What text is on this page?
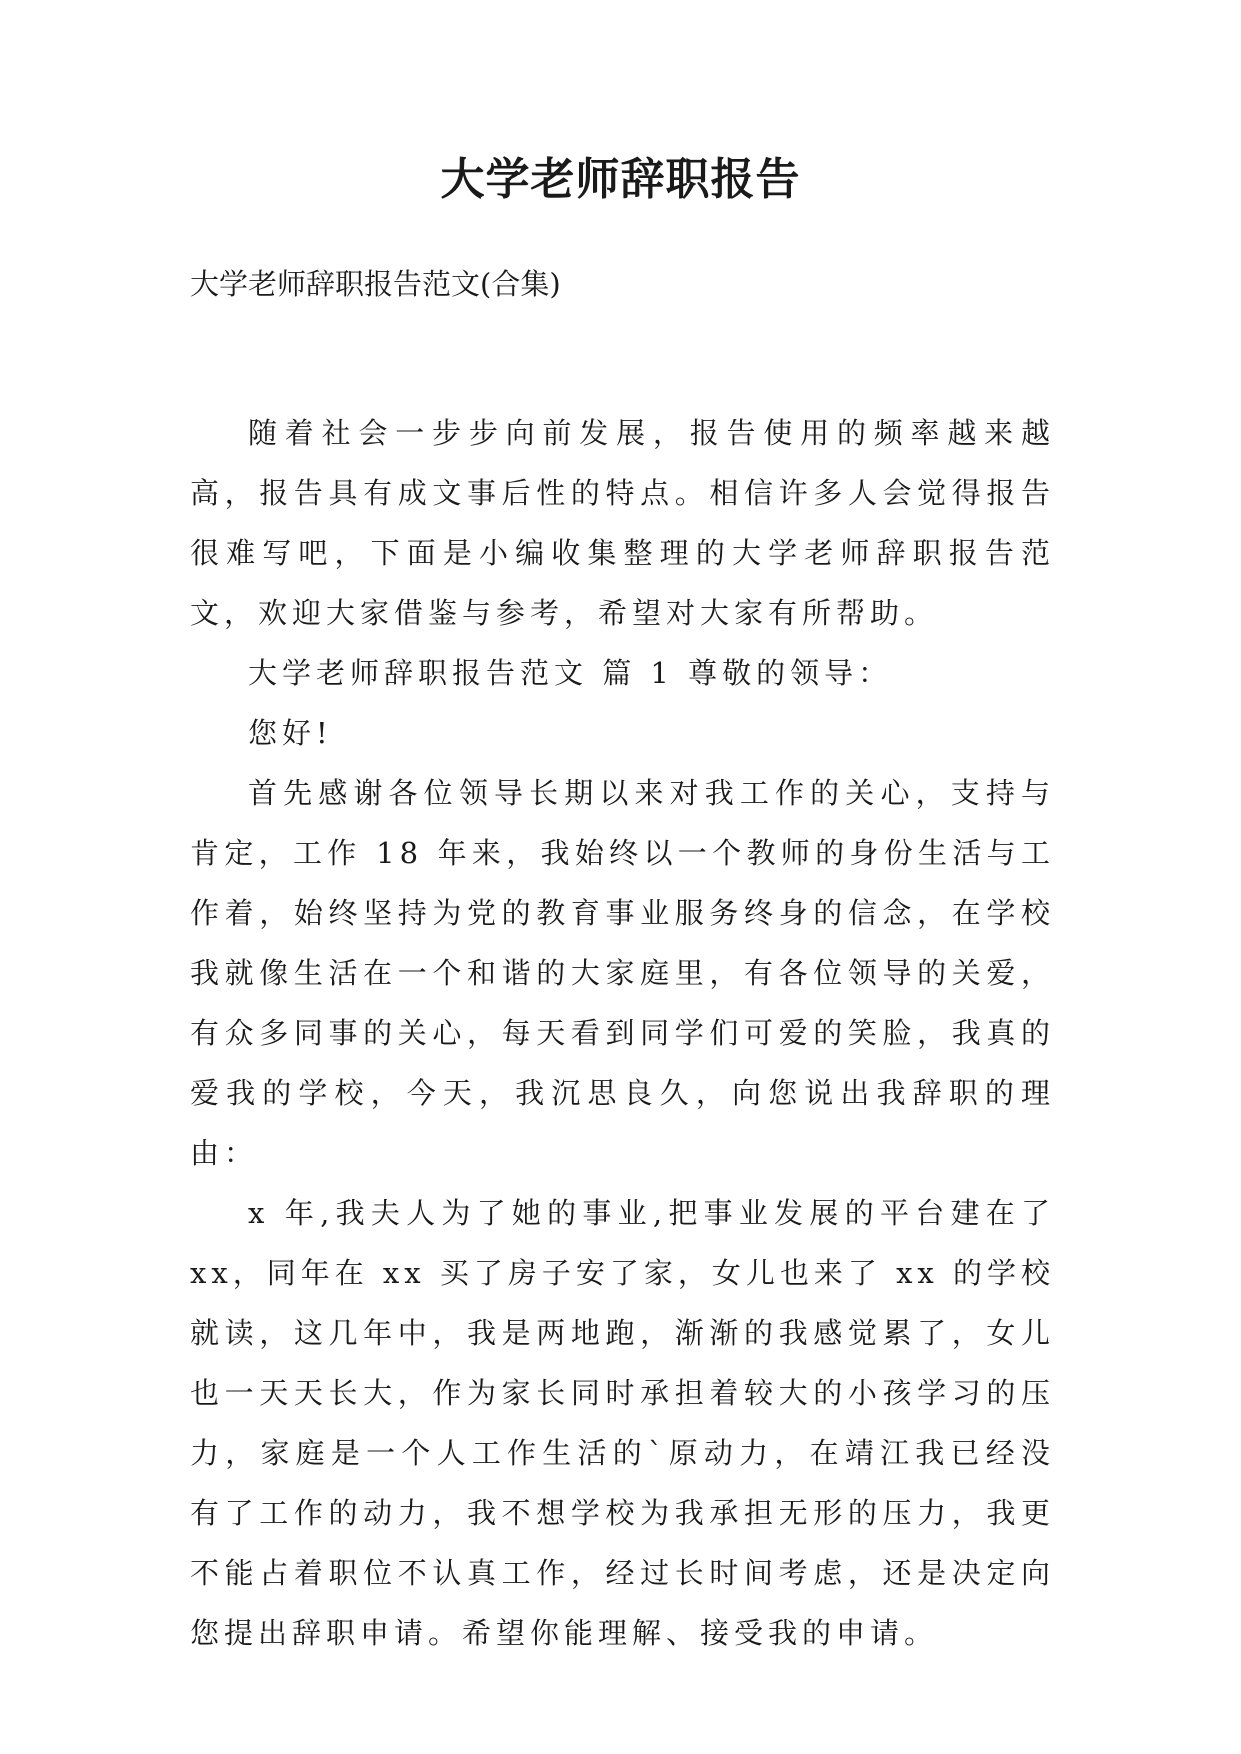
大学老师辞职报告

大学老师辞职报告范文(合集)

随着社会一步步向前发展，报告使用的频率越来越高，报告具有成文事后性的特点。相信许多人会觉得报告很难写吧，下面是小编收集整理的大学老师辞职报告范文，欢迎大家借鉴与参考，希望对大家有所帮助。

大学老师辞职报告范文 篇 1 尊敬的领导：

您好!

首先感谢各位领导长期以来对我工作的关心，支持与肯定，工作 18 年来，我始终以一个教师的身份生活与工作着，始终坚持为党的教育事业服务终身的信念，在学校我就像生活在一个和谐的大家庭里，有各位领导的关爱，有众多同事的关心，每天看到同学们可爱的笑脸，我真的爱我的学校，今天，我沉思良久，向您说出我辞职的理由：

x 年,我夫人为了她的事业,把事业发展的平台建在了 xx，同年在 xx 买了房子安了家，女儿也来了 xx 的学校就读，这几年中，我是两地跑，渐渐的我感觉累了，女儿也一天天长大，作为家长同时承担着较大的小孩学习的压力，家庭是一个人工作生活的`原动力，在靖江我已经没有了工作的动力，我不想学校为我承担无形的压力，我更不能占着职位不认真工作，经过长时间考虑，还是决定向您提出辞职申请。希望你能理解、接受我的申请。
